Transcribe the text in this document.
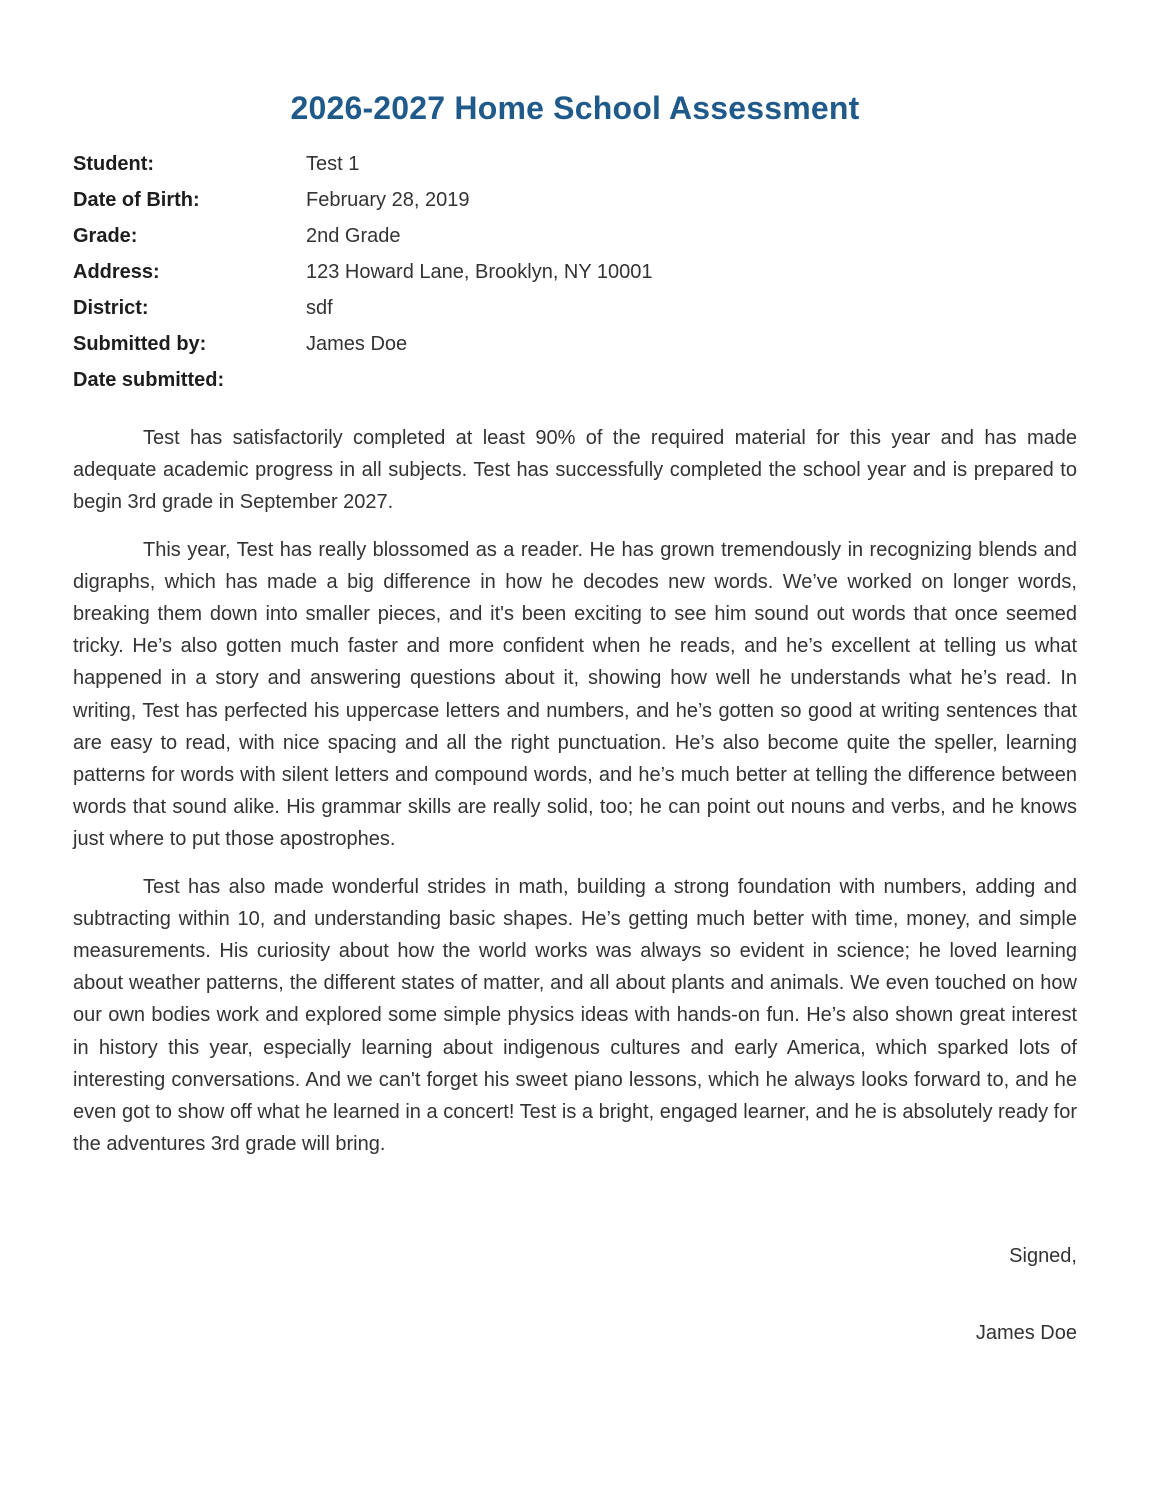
2026-2027 Home School Assessment
Student:	Test 1
Date of Birth:	February 28, 2019
Grade:	2nd Grade
Address:	123 Howard Lane, Brooklyn, NY 10001
District:	sdf
Submitted by:	James Doe
Date submitted:

Test has satisfactorily completed at least 90% of the required material for this year and has made adequate academic progress in all subjects. Test has successfully completed the school year and is prepared to begin 3rd grade in September 2027.

This year, Test has really blossomed as a reader. He has grown tremendously in recognizing blends and digraphs, which has made a big difference in how he decodes new words. We’ve worked on longer words, breaking them down into smaller pieces, and it's been exciting to see him sound out words that once seemed tricky. He’s also gotten much faster and more confident when he reads, and he’s excellent at telling us what happened in a story and answering questions about it, showing how well he understands what he’s read. In writing, Test has perfected his uppercase letters and numbers, and he’s gotten so good at writing sentences that are easy to read, with nice spacing and all the right punctuation. He’s also become quite the speller, learning patterns for words with silent letters and compound words, and he’s much better at telling the difference between words that sound alike. His grammar skills are really solid, too; he can point out nouns and verbs, and he knows just where to put those apostrophes.

Test has also made wonderful strides in math, building a strong foundation with numbers, adding and subtracting within 10, and understanding basic shapes. He’s getting much better with time, money, and simple measurements. His curiosity about how the world works was always so evident in science; he loved learning about weather patterns, the different states of matter, and all about plants and animals. We even touched on how our own bodies work and explored some simple physics ideas with hands-on fun. He’s also shown great interest in history this year, especially learning about indigenous cultures and early America, which sparked lots of interesting conversations. And we can't forget his sweet piano lessons, which he always looks forward to, and he even got to show off what he learned in a concert! Test is a bright, engaged learner, and he is absolutely ready for the adventures 3rd grade will bring.

Signed,
James Doe
